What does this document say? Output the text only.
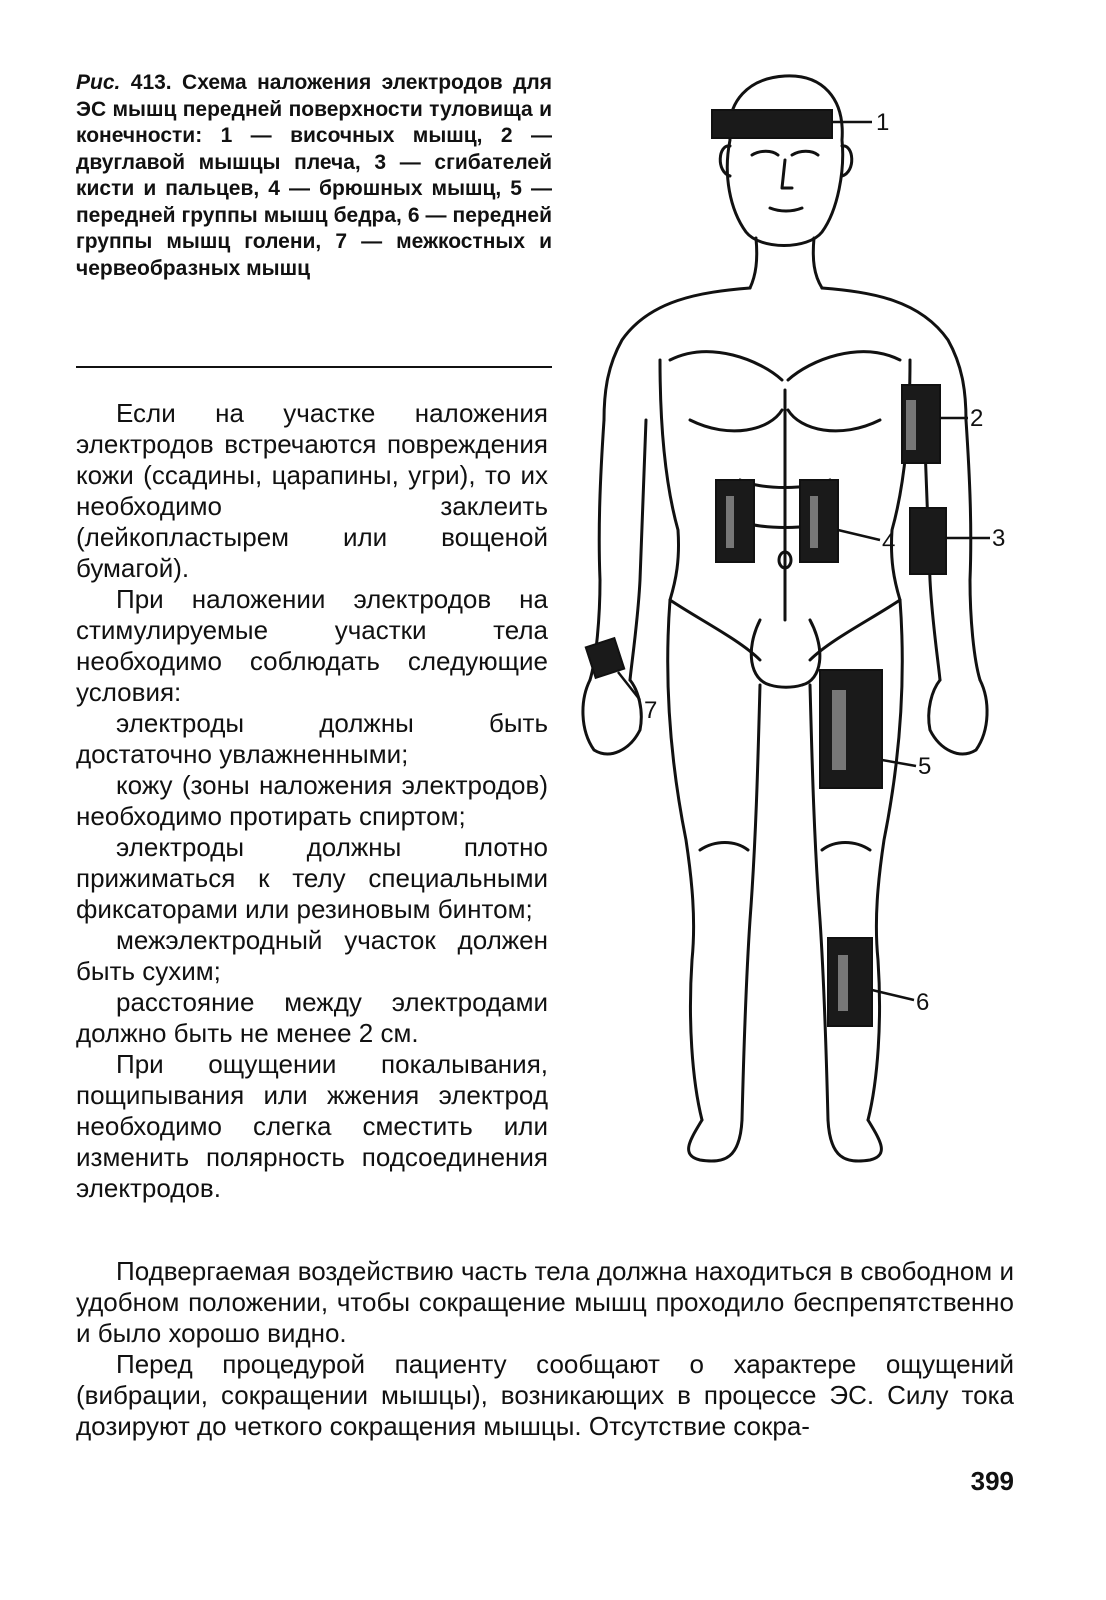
Рис. 413. Схема наложения электродов для ЭС мышц передней поверхности туловища и конечности: 1 — височных мышц, 2 — двуглавой мышцы плеча, 3 — сгибателей кисти и пальцев, 4 — брюшных мышц, 5 — передней группы мышц бедра, 6 — передней группы мышц голени, 7 — межкостных и червеобразных мышц

Если на участке наложения электродов встречаются повреждения кожи (ссадины, царапины, угри), то их необходимо заклеить (лейкопластырем или вощеной бумагой).

При наложении электродов на стимулируемые участки тела необходимо соблюдать следующие условия:

электроды должны быть достаточно увлажненными;

кожу (зоны наложения электродов) необходимо протирать спиртом;

электроды должны плотно прижиматься к телу специальными фиксаторами или резиновым бинтом;

межэлектродный участок должен быть сухим;

расстояние между электродами должно быть не менее 2 см.

При ощущении покалывания, пощипывания или жжения электрод необходимо слегка сместить или изменить полярность подсоединения электродов.

Подвергаемая воздействию часть тела должна находиться в свободном и удобном положении, чтобы сокращение мышц проходило беспрепятственно и было хорошо видно.

Перед процедурой пациенту сообщают о характере ощущений (вибрации, сокращении мышцы), возникающих в процессе ЭС. Силу тока дозируют до четкого сокращения мышцы. Отсутствие сокра-

1
2
3
4
5
6
7
399
